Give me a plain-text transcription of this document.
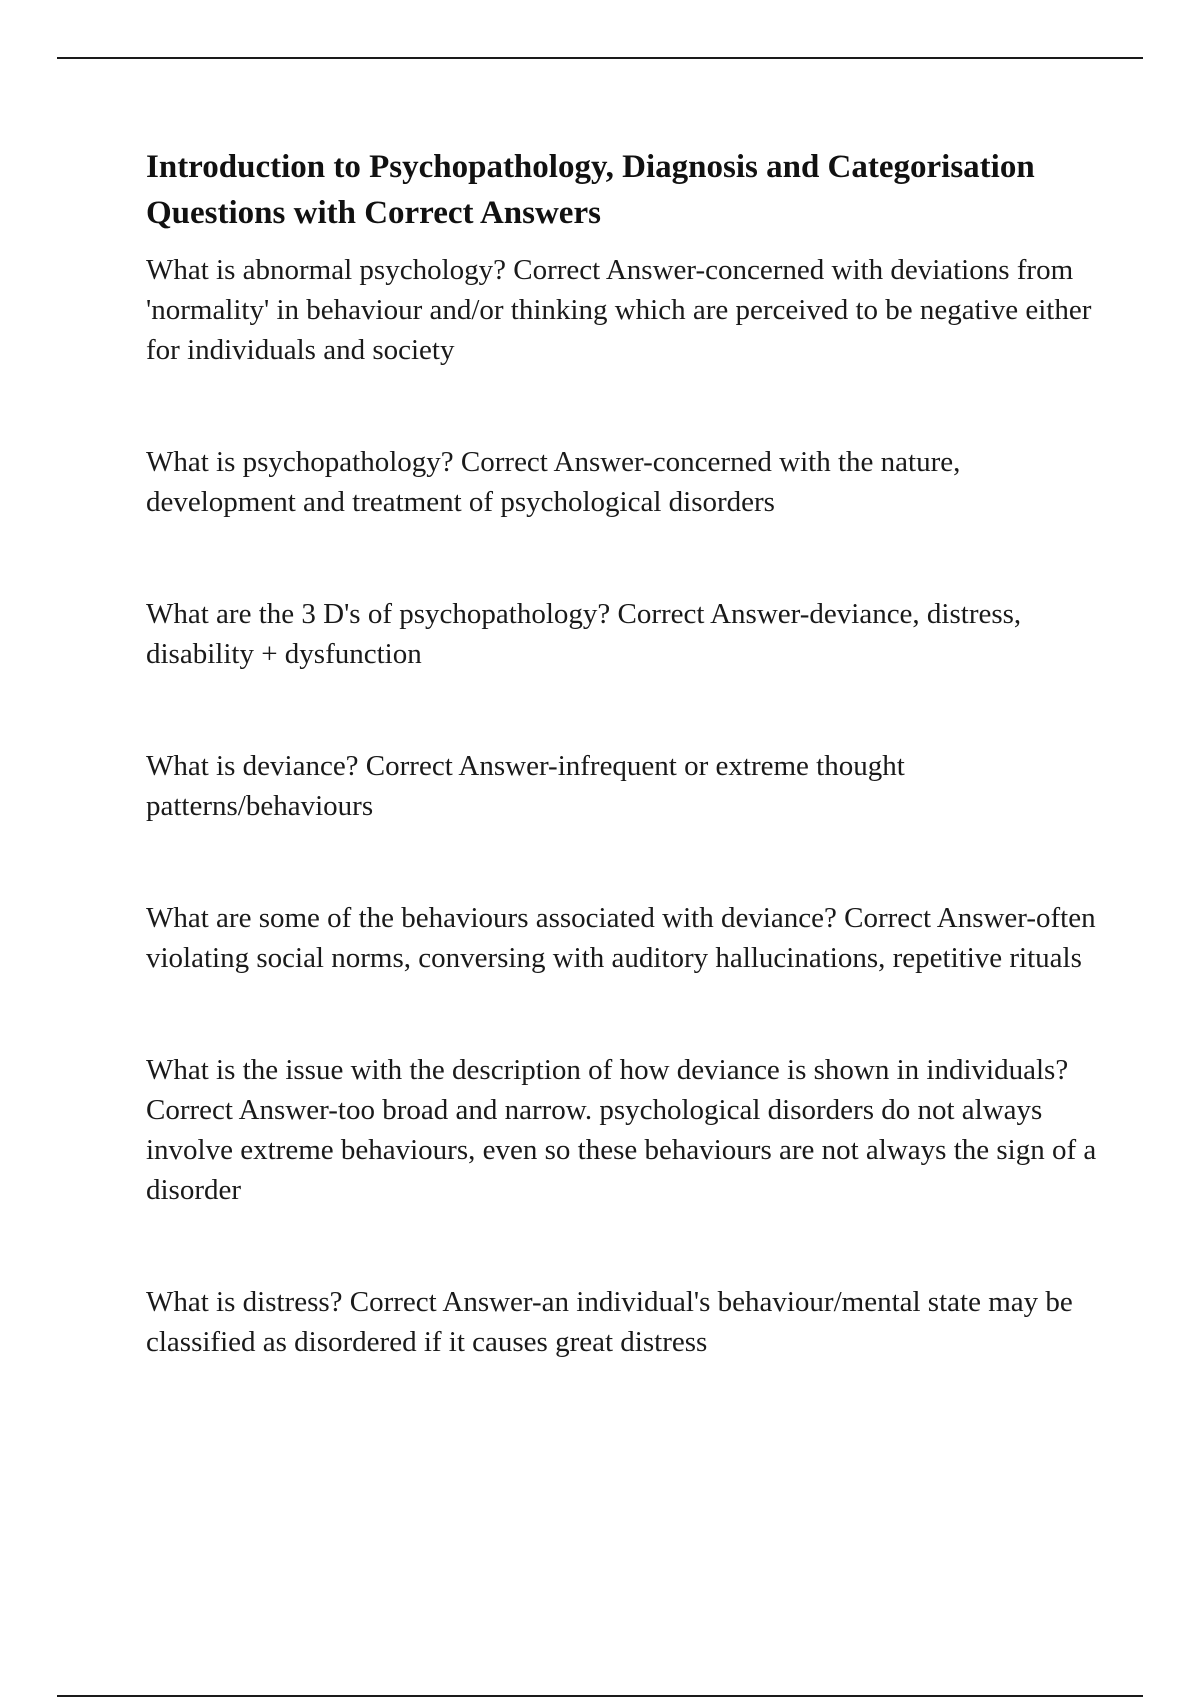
Introduction to Psychopathology, Diagnosis and Categorisation Questions with Correct Answers

What is abnormal psychology? Correct Answer-concerned with deviations from 'normality' in behaviour and/or thinking which are perceived to be negative either for individuals and society

What is psychopathology? Correct Answer-concerned with the nature, development and treatment of psychological disorders

What are the 3 D's of psychopathology? Correct Answer-deviance, distress, disability + dysfunction

What is deviance? Correct Answer-infrequent or extreme thought patterns/behaviours

What are some of the behaviours associated with deviance? Correct Answer-often violating social norms, conversing with auditory hallucinations, repetitive rituals

What is the issue with the description of how deviance is shown in individuals? Correct Answer-too broad and narrow. psychological disorders do not always involve extreme behaviours, even so these behaviours are not always the sign of a disorder

What is distress? Correct Answer-an individual's behaviour/mental state may be classified as disordered if it causes great distress
